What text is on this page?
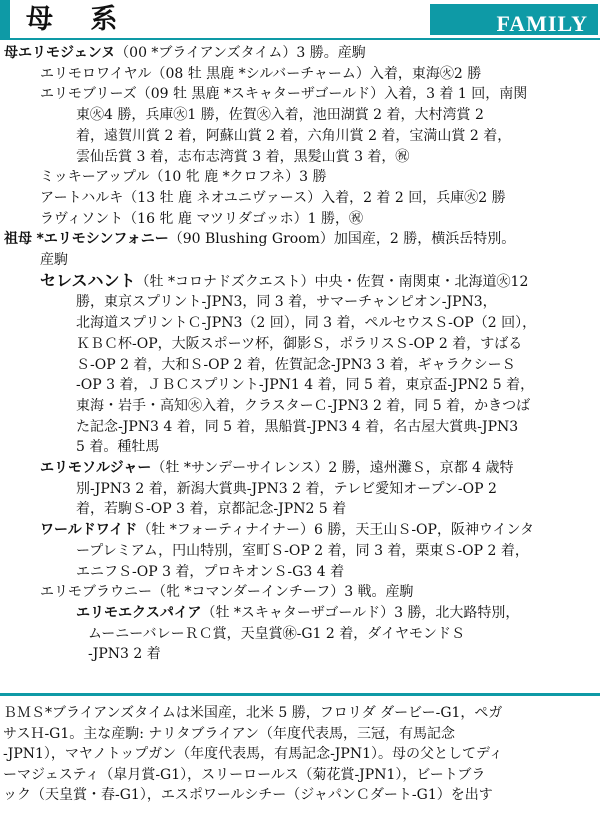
母 系	FAMILY
母エリモジェンヌ（00 *ブライアンズタイム）3 勝。産駒
エリモロワイヤル（08 牡 黒鹿 *シルバーチャーム）入着，東海㊋2 勝
エリモブリーズ（09 牡 黒鹿 *スキャターザゴールド）入着，3 着 1 回，南関
東㊋4 勝，兵庫㊋1 勝，佐賀㊋入着，池田湖賞 2 着，大村湾賞 2
着，遠賀川賞 2 着，阿蘇山賞 2 着，六角川賞 2 着，宝満山賞 2 着，
雲仙岳賞 3 着，志布志湾賞 3 着，黒髪山賞 3 着，㊗
ミッキーアップル（10 牝 鹿 *クロフネ）3 勝
アートハルキ（13 牡 鹿 ネオユニヴァース）入着，2 着 2 回，兵庫㊋2 勝
ラヴィソント（16 牝 鹿 マツリダゴッホ）1 勝，㊗
祖母 *エリモシンフォニー（90 Blushing Groom）加国産，2 勝，横浜岳特別。
産駒
セレスハント（牡 *コロナドズクエスト）中央・佐賀・南関東・北海道㊋12
勝，東京スプリント-JPN3，同 3 着，サマーチャンピオン-JPN3，
北海道スプリントＣ-JPN3（2 回），同 3 着，ペルセウスＳ-OP（2 回），
ＫＢＣ杯-OP，大阪スポーツ杯，御影Ｓ，ポラリスＳ-OP 2 着，すばる
Ｓ-OP 2 着，大和Ｓ-OP 2 着，佐賀記念-JPN3 3 着，ギャラクシーＳ
-OP 3 着，ＪＢＣスプリント-JPN1 4 着，同 5 着，東京盃-JPN2 5 着，
東海・岩手・高知㊋入着，クラスターＣ-JPN3 2 着，同 5 着，かきつば
た記念-JPN3 4 着，同 5 着，黒船賞-JPN3 4 着，名古屋大賞典-JPN3
5 着。種牡馬
エリモソルジャー（牡 *サンデーサイレンス）2 勝，遠州灘Ｓ，京都 4 歳特
別-JPN3 2 着，新潟大賞典-JPN3 2 着，テレビ愛知オープン-OP 2
着，若駒Ｓ-OP 3 着，京都記念-JPN2 5 着
ワールドワイド（牡 *フォーティナイナー）6 勝，天王山Ｓ-OP，阪神ウインタ
ープレミアム，円山特別，室町Ｓ-OP 2 着，同 3 着，栗東Ｓ-OP 2 着，
エニフＳ-OP 3 着，プロキオンＳ-G3 4 着
エリモブラウニー（牝 *コマンダーインチーフ）3 戦。産駒
エリモエクスパイア（牡 *スキャターザゴールド）3 勝，北大路特別，
ムーニーバレーＲＣ賞，天皇賞㊡-G1 2 着，ダイヤモンドＳ
-JPN3 2 着
ＢＭＳ*ブライアンズタイムは米国産，北米 5 勝，フロリダ ダービー-G1，ペガ
サスＨ-G1。主な産駒: ナリタブライアン（年度代表馬，三冠，有馬記念
-JPN1），マヤノトップガン（年度代表馬，有馬記念-JPN1）。母の父としてディ
ーマジェスティ（皐月賞-G1），スリーロールス（菊花賞-JPN1），ビートブラ
ック（天皇賞・春-G1），エスポワールシチー（ジャパンＣダート-G1）を出す
